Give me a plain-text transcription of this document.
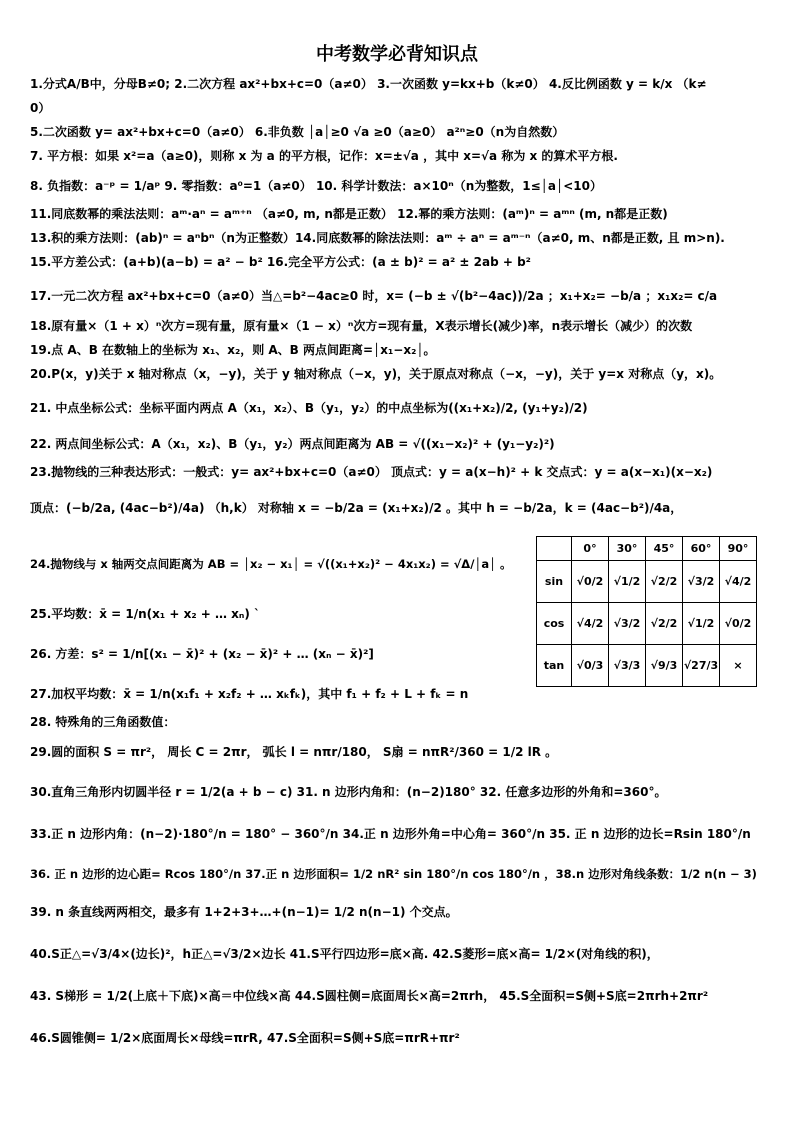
中考数学必背知识点
1.分式A/B中，分母B≠0; 2.二次方程 ax²+bx+c=0（a≠0） 3.一次函数 y=kx+b（k≠0） 4.反比例函数 y = k/x （k≠
0）
5.二次函数 y= ax²+bx+c=0（a≠0） 6.非负数 │a│≥0 √a ≥0（a≥0） a²ⁿ≥0（n为自然数）
7. 平方根：如果 x²=a（a≥0)，则称 x 为 a 的平方根，记作：x=±√a ，其中 x=√a 称为 x 的算术平方根.
8. 负指数：a⁻ᵖ = 1/aᵖ 9. 零指数：a⁰=1（a≠0） 10. 科学计数法：a×10ⁿ（n为整数，1≤│a│<10）
11.同底数幂的乘法法则：aᵐ·aⁿ = aᵐ⁺ⁿ （a≠0, m, n都是正数） 12.幂的乘方法则：(aᵐ)ⁿ = aᵐⁿ (m, n都是正数)
13.积的乘方法则：(ab)ⁿ = aⁿbⁿ（n为正整数）14.同底数幂的除法法则：aᵐ ÷ aⁿ = aᵐ⁻ⁿ（a≠0, m、n都是正数, 且 m>n).
15.平方差公式：(a+b)(a−b) = a² − b² 16.完全平方公式：(a ± b)² = a² ± 2ab + b²
17.一元二次方程 ax²+bx+c=0（a≠0）当△=b²−4ac≥0 时，x= (−b ± √(b²−4ac))/2a ；x₁+x₂= −b/a ；x₁x₂= c/a
18.原有量×（1 + x）ⁿ次方=现有量，原有量×（1 − x）ⁿ次方=现有量，X表示增长(减少)率，n表示增长（减少）的次数
19.点 A、B 在数轴上的坐标为 x₁、x₂，则 A、B 两点间距离=│x₁−x₂│。
20.P(x，y)关于 x 轴对称点（x，−y)，关于 y 轴对称点（−x，y)，关于原点对称点（−x，−y)，关于 y=x 对称点（y，x)。
21. 中点坐标公式：坐标平面内两点 A（x₁，x₂）、B（y₁，y₂）的中点坐标为((x₁+x₂)/2, (y₁+y₂)/2)
22. 两点间坐标公式：A（x₁，x₂)、B（y₁，y₂）两点间距离为 AB = √((x₁−x₂)² + (y₁−y₂)²)
23.抛物线的三种表达形式：一般式：y= ax²+bx+c=0（a≠0） 顶点式：y = a(x−h)² + k 交点式：y = a(x−x₁)(x−x₂)
顶点：(−b/2a, (4ac−b²)/4a) （h,k） 对称轴 x = −b/2a = (x₁+x₂)/2 。其中 h = −b/2a，k = (4ac−b²)/4a，
24.抛物线与 x 轴两交点间距离为 AB = │x₂ − x₁│ = √((x₁+x₂)² − 4x₁x₂) = √Δ/│a│ 。
25.平均数：x̄ = 1/n(x₁ + x₂ + … xₙ) `
26. 方差：s² = 1/n[(x₁ − x̄)² + (x₂ − x̄)² + … (xₙ − x̄)²]
27.加权平均数：x̄ = 1/n(x₁f₁ + x₂f₂ + … xₖfₖ)，其中 f₁ + f₂ + L + fₖ = n
28. 特殊角的三角函数值：
29.圆的面积 S = πr²， 周长 C = 2πr， 弧长 l = nπr/180， S扇 = nπR²/360 = 1/2 lR 。
30.直角三角形内切圆半径 r = 1/2(a + b − c) 31. n 边形内角和：(n−2)180° 32. 任意多边形的外角和=360°。
33.正 n 边形内角：(n−2)·180°/n = 180° − 360°/n 34.正 n 边形外角=中心角= 360°/n 35. 正 n 边形的边长=Rsin 180°/n
36. 正 n 边形的边心距= Rcos 180°/n 37.正 n 边形面积= 1/2 nR² sin 180°/n cos 180°/n ，38.n 边形对角线条数：1/2 n(n − 3)
39. n 条直线两两相交，最多有 1+2+3+…+(n−1)= 1/2 n(n−1) 个交点。
40.S正△=√3/4×(边长)²，h正△=√3/2×边长 41.S平行四边形=底×高. 42.S菱形=底×高= 1/2×(对角线的积)，
43. S梯形 = 1/2(上底＋下底)×高＝中位线×高 44.S圆柱侧=底面周长×高=2πrh， 45.S全面积=S侧+S底=2πrh+2πr²
46.S圆锥侧= 1/2×底面周长×母线=πrR, 47.S全面积=S侧+S底=πrR+πr²
	0°	30°	45°	60°	90°
sin	√0/2	√1/2	√2/2	√3/2	√4/2
cos	√4/2	√3/2	√2/2	√1/2	√0/2
tan	√0/3	√3/3	√9/3	√27/3	×
